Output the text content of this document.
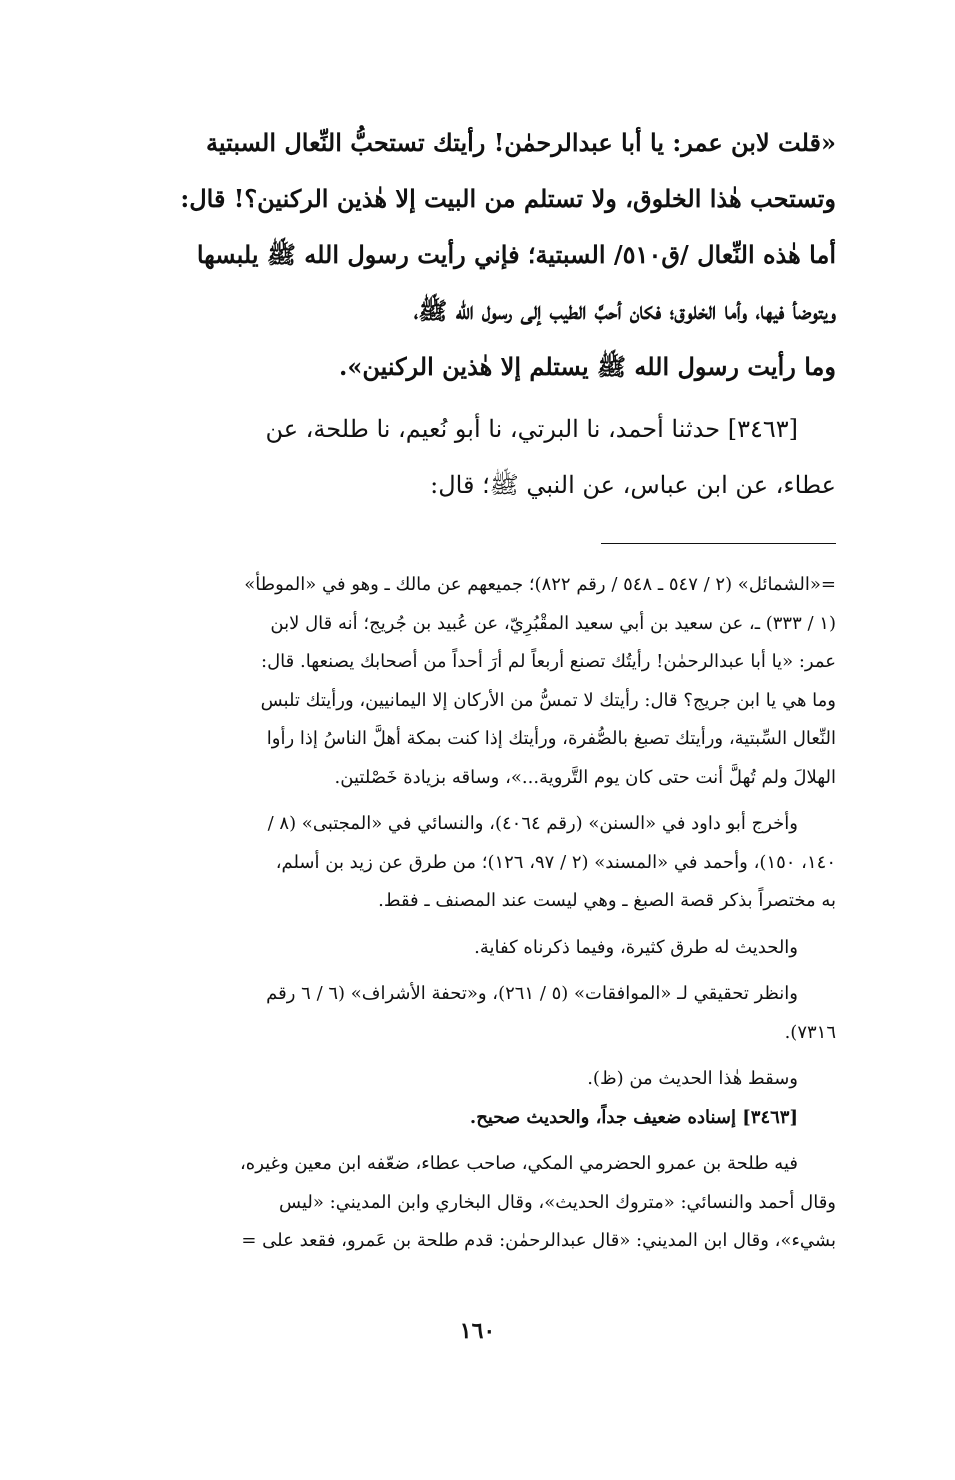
«قلت لابن عمر: يا أبا عبدالرحمٰن! رأيتك تستحبُّ النِّعال السبتية
وتستحب هٰذا الخلوق، ولا تستلم من البيت إلا هٰذين الركنين؟! قال:
أما هٰذه النِّعال /ق٥١٠/ السبتية؛ فإني رأيت رسول الله ﷺ يلبسها
ويتوضأ فيها، وأما الخلوق؛ فكان أحبَّ الطيب إلى رسول الله ﷺ،
وما رأيت رسول الله ﷺ يستلم إلا هٰذين الركنين».
[٣٤٦٣] حدثنا أحمد، نا البرتي، نا أبو نُعيم، نا طلحة، عن
عطاء، عن ابن عباس، عن النبي ﷺ؛ قال:

=«الشمائل» (٢ / ٥٤٧ ـ ٥٤٨ / رقم ٨٢٢)؛ جميعهم عن مالك ـ وهو في «الموطأ»

(١ / ٣٣٣) ـ، عن سعيد بن أبي سعيد المقْبُرِيّ، عن عُبيد بن جُريج؛ أنه قال لابن

عمر: «يا أبا عبدالرحمٰن! رأيتُك تصنع أربعاً لم أرَ أحداً من أصحابك يصنعها. قال:

وما هي يا ابن جريج؟ قال: رأيتك لا تمسُّ من الأركان إلا اليمانيين، ورأيتك تلبس

النِّعال السِّبتية، ورأيتك تصبغ بالصُّفرة، ورأيتك إذا كنت بمكة أهلَّ الناسُ إذا رأوا

الهلالَ ولم تُهلَّ أنت حتى كان يوم التَّروية...»، وساقه بزيادة خَصْلتين.

وأخرج أبو داود في «السنن» (رقم ٤٠٦٤)، والنسائي في «المجتبى» (٨ /

١٤٠، ١٥٠)، وأحمد في «المسند» (٢ / ٩٧، ١٢٦)؛ من طرق عن زيد بن أسلم،

به مختصراً بذكر قصة الصبغ ـ وهي ليست عند المصنف ـ فقط.

والحديث له طرق كثيرة، وفيما ذكرناه كفاية.

وانظر تحقيقي لـ «الموافقات» (٥ / ٢٦١)، و«تحفة الأشراف» (٦ / ٦ رقم

٧٣١٦).

وسقط هٰذا الحديث من (ظ).

[٣٤٦٣] إسناده ضعيف جداً، والحديث صحيح.

فيه طلحة بن عمرو الحضرمي المكي، صاحب عطاء، ضعّفه ابن معين وغيره،

وقال أحمد والنسائي: «متروك الحديث»، وقال البخاري وابن المديني: «ليس

بشيء»، وقال ابن المديني: «قال عبدالرحمٰن: قدم طلحة بن عَمرو، فقعد على =

١٦٠
